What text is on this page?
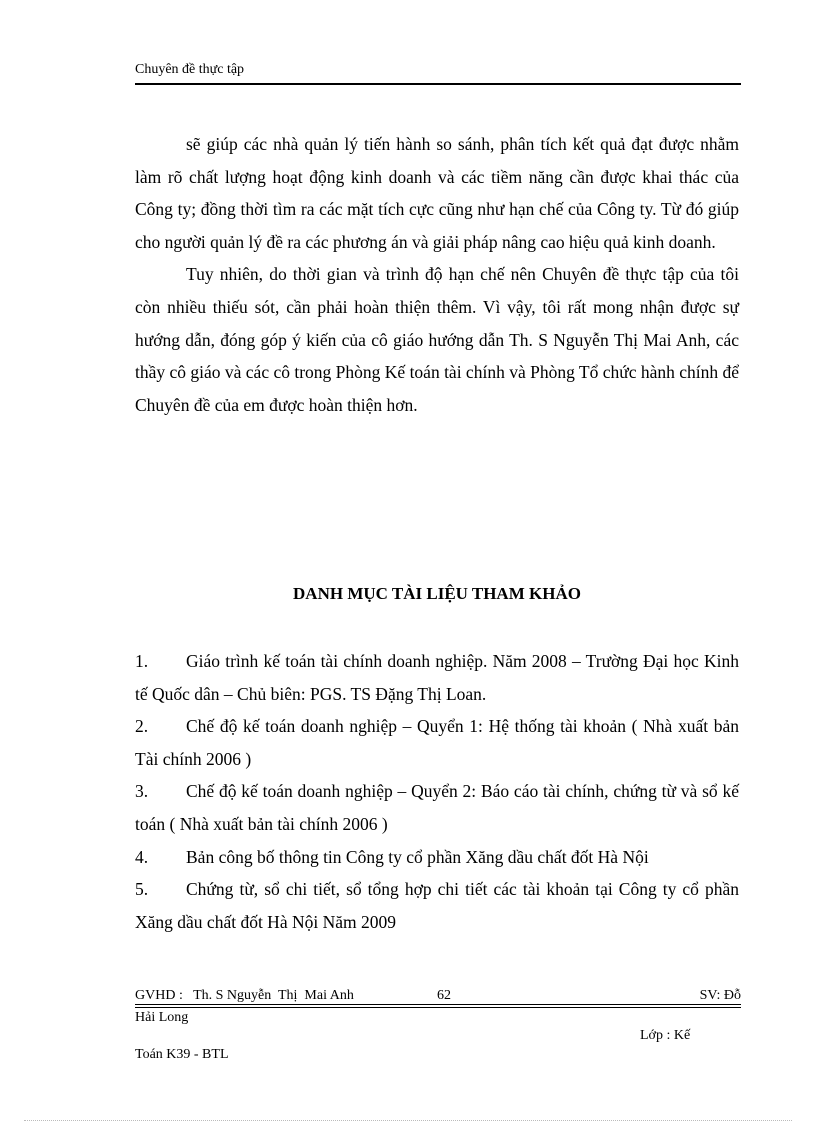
Chuyên đề thực tập

sẽ giúp các nhà quản lý tiến hành so sánh, phân tích kết quả đạt được nhằm làm rõ chất lượng hoạt động kinh doanh và các tiềm năng cần được khai thác của Công ty; đồng thời tìm ra các mặt tích cực cũng như hạn chế của Công ty. Từ đó giúp cho người quản lý đề ra các phương án và giải pháp nâng cao hiệu quả kinh doanh.

Tuy nhiên, do thời gian và trình độ hạn chế nên Chuyên đề thực tập của tôi còn nhiều thiếu sót, cần phải hoàn thiện thêm. Vì vậy, tôi rất mong nhận được sự hướng dẫn, đóng góp ý kiến của cô giáo hướng dẫn Th. S Nguyễn Thị Mai Anh, các thầy cô giáo và các cô trong Phòng Kế toán tài chính và Phòng Tổ chức hành chính để Chuyên đề của em được hoàn thiện hơn.

DANH MỤC TÀI LIỆU THAM KHẢO

1. Giáo trình kế toán tài chính doanh nghiệp. Năm 2008 – Trường Đại học Kinh tế Quốc dân – Chủ biên: PGS. TS Đặng Thị Loan.

2. Chế độ kế toán doanh nghiệp – Quyển 1: Hệ thống tài khoản ( Nhà xuất bản Tài chính 2006 )

3. Chế độ kế toán doanh nghiệp – Quyển 2: Báo cáo tài chính, chứng từ và sổ kế toán ( Nhà xuất bản tài chính 2006 )

4. Bản công bố thông tin Công ty cổ phần Xăng dầu chất đốt Hà Nội

5. Chứng từ, sổ chi tiết, sổ tổng hợp chi tiết các tài khoản tại Công ty cổ phần Xăng dầu chất đốt Hà Nội Năm 2009

GVHD :   Th. S Nguyễn  Thị  Mai Anh	62	SV: Đỗ
Hải Long
Lớp : Kế
Toán K39 - BTL
